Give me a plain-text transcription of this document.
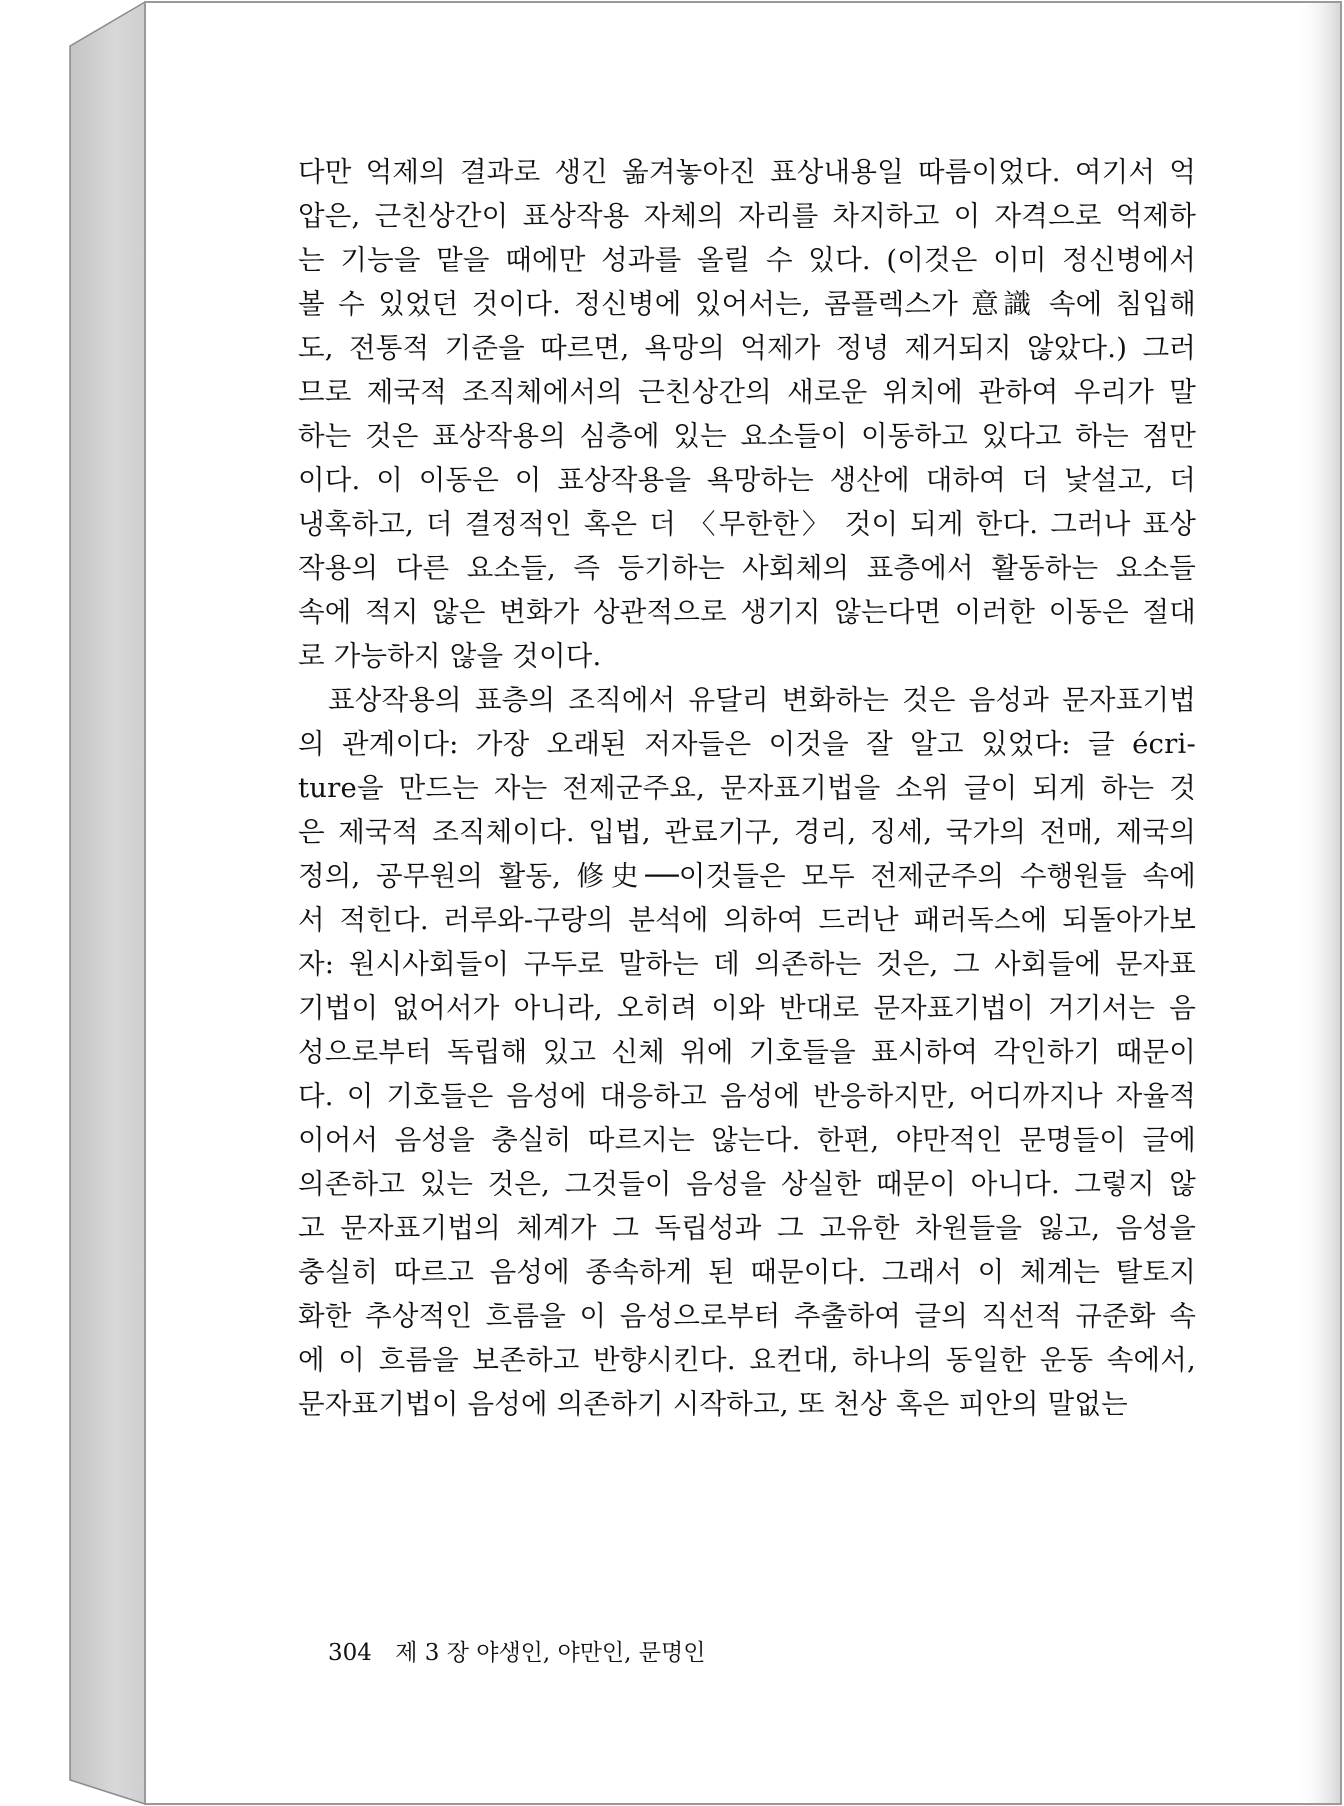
다만 억제의 결과로 생긴 옮겨놓아진 표상내용일 따름이었다. 여기서 억
압은, 근친상간이 표상작용 자체의 자리를 차지하고 이 자격으로 억제하
는 기능을 맡을 때에만 성과를 올릴 수 있다. (이것은 이미 정신병에서
볼 수 있었던 것이다. 정신병에 있어서는, 콤플렉스가 意識 속에 침입해
도, 전통적 기준을 따르면, 욕망의 억제가 정녕 제거되지 않았다.) 그러
므로 제국적 조직체에서의 근친상간의 새로운 위치에 관하여 우리가 말
하는 것은 표상작용의 심층에 있는 요소들이 이동하고 있다고 하는 점만
이다. 이 이동은 이 표상작용을 욕망하는 생산에 대하여 더 낯설고, 더
냉혹하고, 더 결정적인 혹은 더 〈무한한〉 것이 되게 한다. 그러나 표상
작용의 다른 요소들, 즉 등기하는 사회체의 표층에서 활동하는 요소들
속에 적지 않은 변화가 상관적으로 생기지 않는다면 이러한 이동은 절대
로 가능하지 않을 것이다.
표상작용의 표층의 조직에서 유달리 변화하는 것은 음성과 문자표기법
의 관계이다: 가장 오래된 저자들은 이것을 잘 알고 있었다: 글 écri-
ture을 만드는 자는 전제군주요, 문자표기법을 소위 글이 되게 하는 것
은 제국적 조직체이다. 입법, 관료기구, 경리, 징세, 국가의 전매, 제국의
정의, 공무원의 활동, 修史──이것들은 모두 전제군주의 수행원들 속에
서 적힌다. 러루와-구랑의 분석에 의하여 드러난 패러독스에 되돌아가보
자: 원시사회들이 구두로 말하는 데 의존하는 것은, 그 사회들에 문자표
기법이 없어서가 아니라, 오히려 이와 반대로 문자표기법이 거기서는 음
성으로부터 독립해 있고 신체 위에 기호들을 표시하여 각인하기 때문이
다. 이 기호들은 음성에 대응하고 음성에 반응하지만, 어디까지나 자율적
이어서 음성을 충실히 따르지는 않는다. 한편, 야만적인 문명들이 글에
의존하고 있는 것은, 그것들이 음성을 상실한 때문이 아니다. 그렇지 않
고 문자표기법의 체계가 그 독립성과 그 고유한 차원들을 잃고, 음성을
충실히 따르고 음성에 종속하게 된 때문이다. 그래서 이 체계는 탈토지
화한 추상적인 흐름을 이 음성으로부터 추출하여 글의 직선적 규준화 속
에 이 흐름을 보존하고 반향시킨다. 요컨대, 하나의 동일한 운동 속에서,
문자표기법이 음성에 의존하기 시작하고, 또 천상 혹은 피안의 말없는
304 제 3 장 야생인, 야만인, 문명인
